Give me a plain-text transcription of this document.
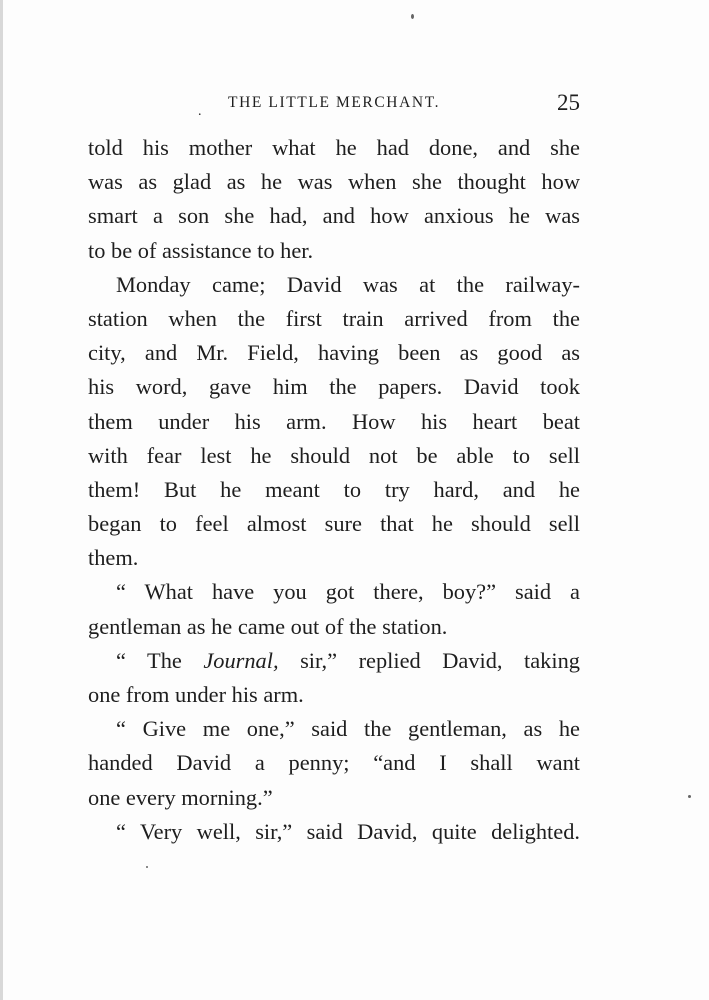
.
THE LITTLE MERCHANT.	25
told his mother what he had done, and she
was as glad as he was when she thought how
smart a son she had, and how anxious he was
to be of assistance to her.
Monday came; David was at the railway-
station when the first train arrived from the
city, and Mr. Field, having been as good as
his word, gave him the papers. David took
them under his arm. How his heart beat
with fear lest he should not be able to sell
them! But he meant to try hard, and he
began to feel almost sure that he should sell
them.
“ What have you got there, boy?” said a
gentleman as he came out of the station.
“ The Journal, sir,” replied David, taking
one from under his arm.
“ Give me one,” said the gentleman, as he
handed David a penny; “and I shall want
one every morning.”
“ Very well, sir,” said David, quite delighted.
